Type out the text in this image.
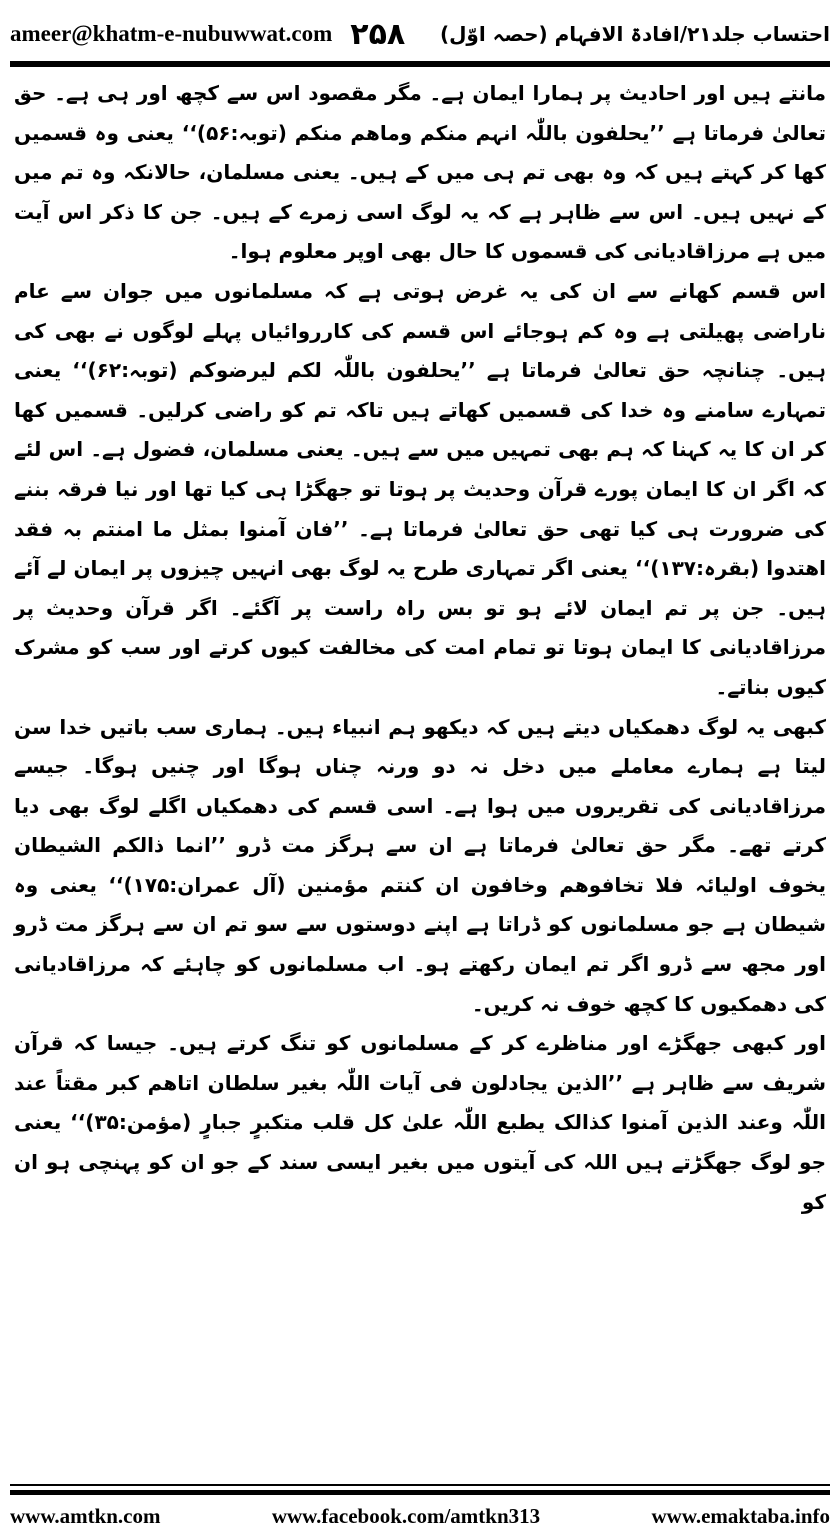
ameer@khatm-e-nubuwwat.com ۲۵۸ احتساب جلد۲۱/افادۃ الافہام (حصہ اوّل)

مانتے ہیں اور احادیث پر ہمارا ایمان ہے۔ مگر مقصود اس سے کچھ اور ہی ہے۔ حق تعالیٰ فرماتا ہے ’’یحلفون باللّٰہ انہم منکم وماھم منکم (توبہ:۵۶)‘‘ یعنی وہ قسمیں کھا کر کہتے ہیں کہ وہ بھی تم ہی میں کے ہیں۔ یعنی مسلمان، حالانکہ وہ تم میں کے نہیں ہیں۔ اس سے ظاہر ہے کہ یہ لوگ اسی زمرے کے ہیں۔ جن کا ذکر اس آیت میں ہے مرزاقادیانی کی قسموں کا حال بھی اوپر معلوم ہوا۔

اس قسم کھانے سے ان کی یہ غرض ہوتی ہے کہ مسلمانوں میں جوان سے عام ناراضی پھیلتی ہے وہ کم ہوجائے اس قسم کی کارروائیاں پہلے لوگوں نے بھی کی ہیں۔ چنانچہ حق تعالیٰ فرماتا ہے ’’یحلفون باللّٰہ لکم لیرضوکم (توبہ:۶۲)‘‘ یعنی تمہارے سامنے وہ خدا کی قسمیں کھاتے ہیں تاکہ تم کو راضی کرلیں۔ قسمیں کھا کر ان کا یہ کہنا کہ ہم بھی تمہیں میں سے ہیں۔ یعنی مسلمان، فضول ہے۔ اس لئے کہ اگر ان کا ایمان پورے قرآن وحدیث پر ہوتا تو جھگڑا ہی کیا تھا اور نیا فرقہ بننے کی ضرورت ہی کیا تھی حق تعالیٰ فرماتا ہے۔ ’’فان آمنوا بمثل ما امنتم بہ فقد اھتدوا (بقرہ:۱۳۷)‘‘ یعنی اگر تمہاری طرح یہ لوگ بھی انہیں چیزوں پر ایمان لے آئے ہیں۔ جن پر تم ایمان لائے ہو تو بس راہ راست پر آگئے۔ اگر قرآن وحدیث پر مرزاقادیانی کا ایمان ہوتا تو تمام امت کی مخالفت کیوں کرتے اور سب کو مشرک کیوں بناتے۔

کبھی یہ لوگ دھمکیاں دیتے ہیں کہ دیکھو ہم انبیاء ہیں۔ ہماری سب باتیں خدا سن لیتا ہے ہمارے معاملے میں دخل نہ دو ورنہ چناں ہوگا اور چنیں ہوگا۔ جیسے مرزاقادیانی کی تقریروں میں ہوا ہے۔ اسی قسم کی دھمکیاں اگلے لوگ بھی دیا کرتے تھے۔ مگر حق تعالیٰ فرماتا ہے ان سے ہرگز مت ڈرو ’’انما ذالکم الشیطان یخوف اولیائہ فلا تخافوھم وخافون ان کنتم مؤمنین (آل عمران:۱۷۵)‘‘ یعنی وہ شیطان ہے جو مسلمانوں کو ڈراتا ہے اپنے دوستوں سے سو تم ان سے ہرگز مت ڈرو اور مجھ سے ڈرو اگر تم ایمان رکھتے ہو۔ اب مسلمانوں کو چاہئے کہ مرزاقادیانی کی دھمکیوں کا کچھ خوف نہ کریں۔

اور کبھی جھگڑے اور مناظرے کر کے مسلمانوں کو تنگ کرتے ہیں۔ جیسا کہ قرآن شریف سے ظاہر ہے ’’الذین یجادلون فی آیات اللّٰہ بغیر سلطان اتاھم کبر مقتاً عند اللّٰہ وعند الذین آمنوا کذالک یطبع اللّٰہ علیٰ کل قلب متکبرٍ جبارٍ (مؤمن:۳۵)‘‘ یعنی جو لوگ جھگڑتے ہیں اللہ کی آیتوں میں بغیر ایسی سند کے جو ان کو پہنچی ہو ان کو

www.amtkn.com	www.facebook.com/amtkn313	www.emaktaba.info
